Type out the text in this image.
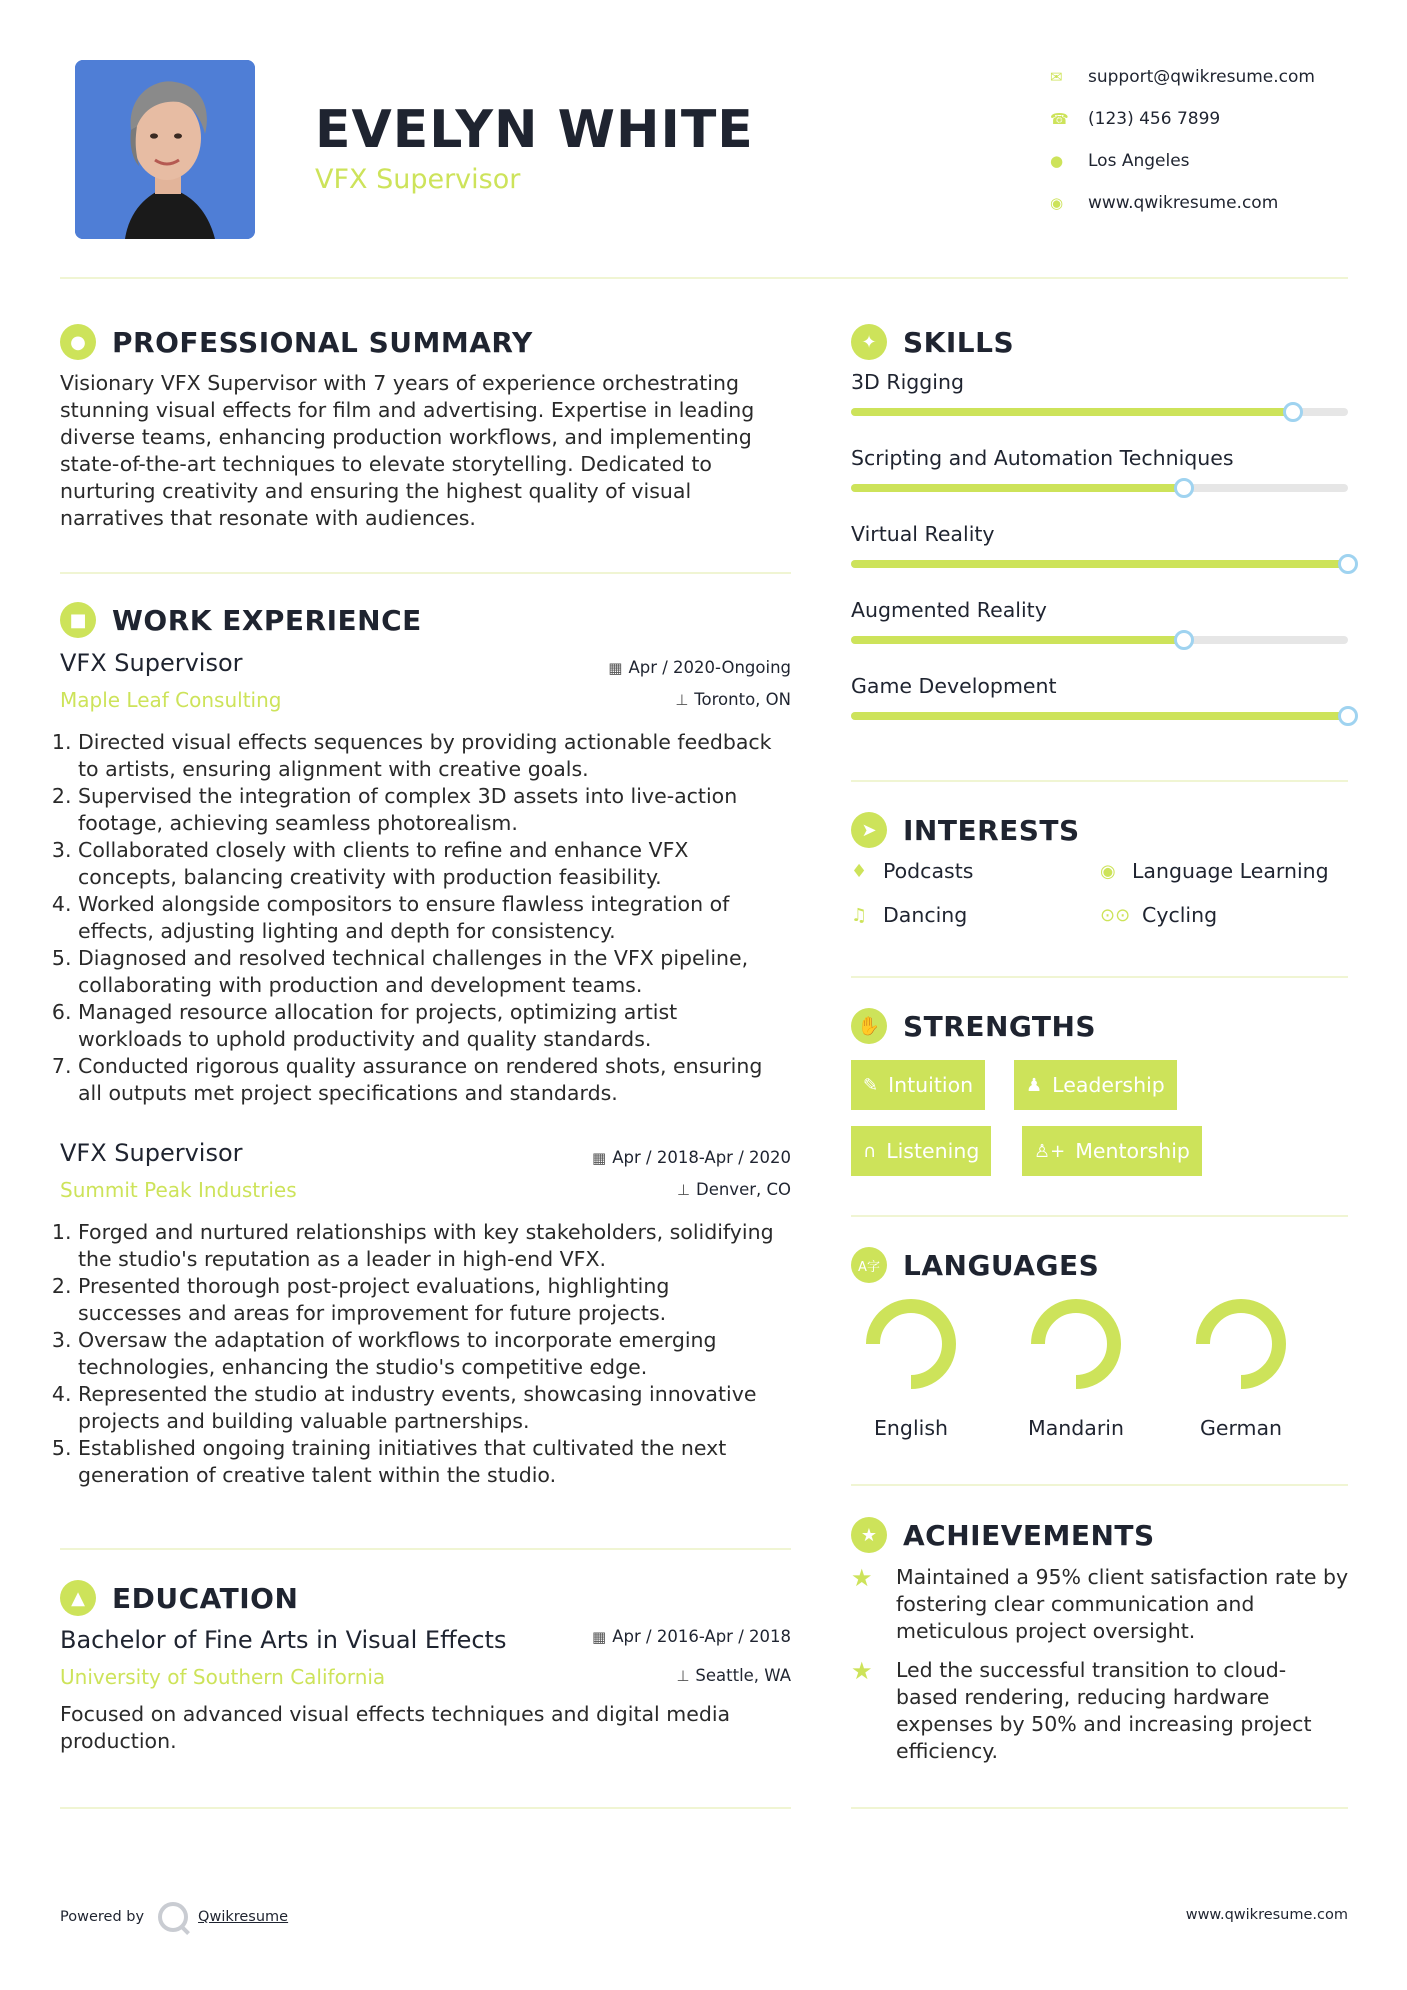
EVELYN WHITE
VFX Supervisor
✉	support@qwikresume.com
☎	(123) 456 7899
●	Los Angeles
◉	www.qwikresume.com
● PROFESSIONAL SUMMARY
Visionary VFX Supervisor with 7 years of experience orchestrating
stunning visual effects for film and advertising. Expertise in leading
diverse teams, enhancing production workflows, and implementing
state-of-the-art techniques to elevate storytelling. Dedicated to
nurturing creativity and ensuring the highest quality of visual
narratives that resonate with audiences.
■ WORK EXPERIENCE
VFX Supervisor
Maple Leaf Consulting
▦ Apr / 2020-Ongoing
⊥ Toronto, ON
1. Directed visual effects sequences by providing actionable feedback
to artists, ensuring alignment with creative goals.
2. Supervised the integration of complex 3D assets into live-action
footage, achieving seamless photorealism.
3. Collaborated closely with clients to refine and enhance VFX
concepts, balancing creativity with production feasibility.
4. Worked alongside compositors to ensure flawless integration of
effects, adjusting lighting and depth for consistency.
5. Diagnosed and resolved technical challenges in the VFX pipeline,
collaborating with production and development teams.
6. Managed resource allocation for projects, optimizing artist
workloads to uphold productivity and quality standards.
7. Conducted rigorous quality assurance on rendered shots, ensuring
all outputs met project specifications and standards.
VFX Supervisor
Summit Peak Industries
▦ Apr / 2018-Apr / 2020
⊥ Denver, CO
1. Forged and nurtured relationships with key stakeholders, solidifying
the studio's reputation as a leader in high-end VFX.
2. Presented thorough post-project evaluations, highlighting
successes and areas for improvement for future projects.
3. Oversaw the adaptation of workflows to incorporate emerging
technologies, enhancing the studio's competitive edge.
4. Represented the studio at industry events, showcasing innovative
projects and building valuable partnerships.
5. Established ongoing training initiatives that cultivated the next
generation of creative talent within the studio.
▲ EDUCATION
Bachelor of Fine Arts in Visual Effects
University of Southern California
▦ Apr / 2016-Apr / 2018
⊥ Seattle, WA
Focused on advanced visual effects techniques and digital media
production.
✦ SKILLS
3D Rigging
Scripting and Automation Techniques
Virtual Reality
Augmented Reality
Game Development
➤ INTERESTS
♦ Podcasts	◉ Language Learning
♫ Dancing	⊙⊙ Cycling
✋ STRENGTHS
✎ Intuition	♟ Leadership
∩ Listening	♙+ Mentorship
A字 LANGUAGES
English	Mandarin	German
★ ACHIEVEMENTS
★	Maintained a 95% client satisfaction rate by
fostering clear communication and
meticulous project oversight.
★	Led the successful transition to cloud-
based rendering, reducing hardware
expenses by 50% and increasing project
efficiency.
Powered by	Qwikresume	www.qwikresume.com
